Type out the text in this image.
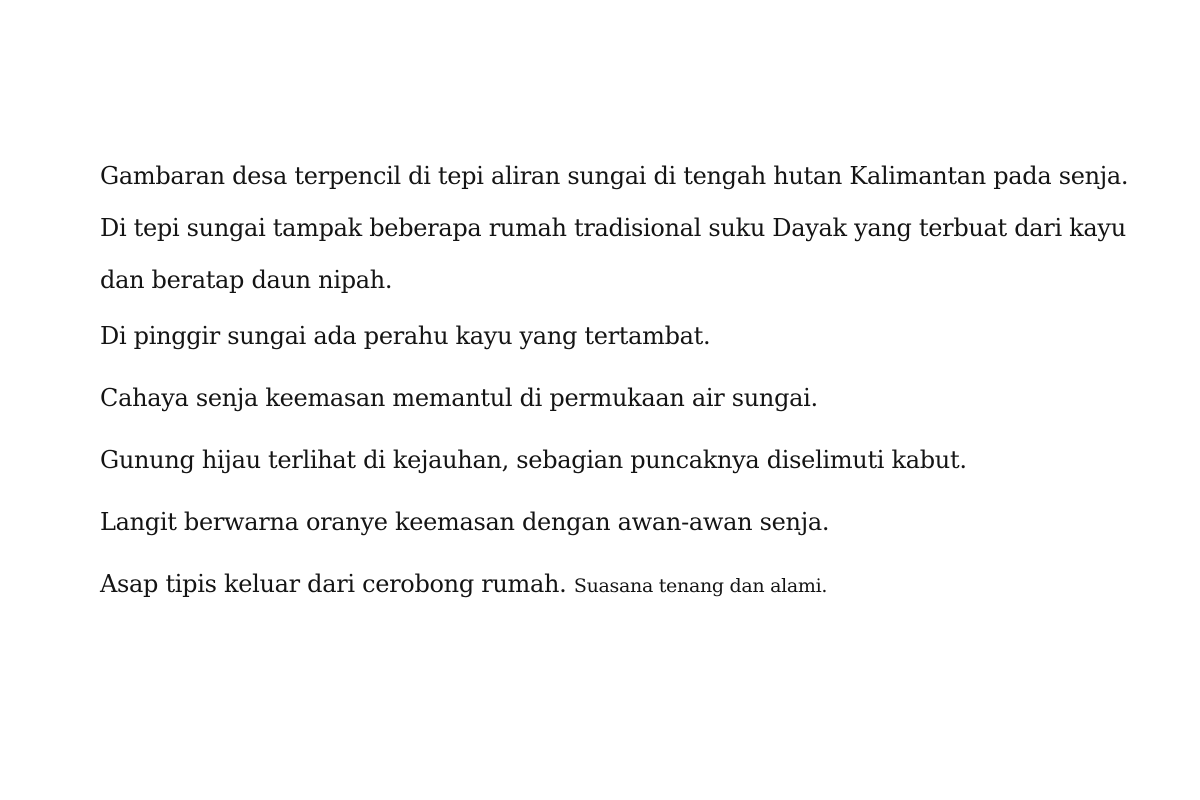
Gambaran desa terpencil di tepi aliran sungai di tengah hutan Kalimantan pada senja.

Di tepi sungai tampak beberapa rumah tradisional suku Dayak yang terbuat dari kayu

dan beratap daun nipah.

Di pinggir sungai ada perahu kayu yang tertambat.

Cahaya senja keemasan memantul di permukaan air sungai.

Gunung hijau terlihat di kejauhan, sebagian puncaknya diselimuti kabut.

Langit berwarna oranye keemasan dengan awan-awan senja.

Asap tipis keluar dari cerobong rumah. Suasana tenang dan alami.
